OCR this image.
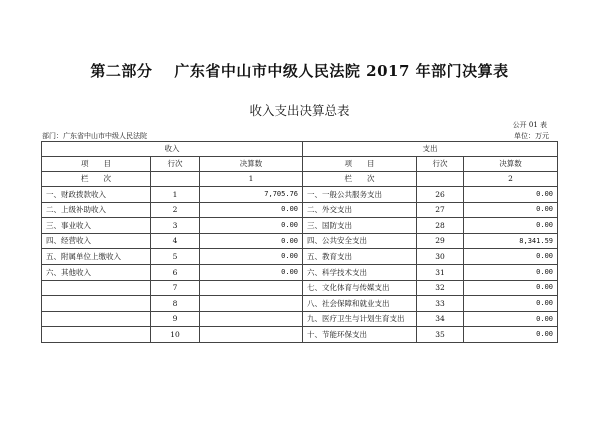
第二部分 广东省中山市中级人民法院 2017 年部门决算表
收入支出决算总表
公开 01 表
部门：广东省中山市中级人民法院	单位：万元
收入			支出		
项　　目	行次	决算数	项　　目	行次	决算数
栏　　次		1	栏　　次		2
一、财政拨款收入	1	7,705.76	一、一般公共服务支出	26	0.00
二、上级补助收入	2	0.00	二、外交支出	27	0.00
三、事业收入	3	0.00	三、国防支出	28	0.00
四、经营收入	4	0.00	四、公共安全支出	29	8,341.59
五、附属单位上缴收入	5	0.00	五、教育支出	30	0.00
六、其他收入	6	0.00	六、科学技术支出	31	0.00
	7		七、文化体育与传媒支出	32	0.00
	8		八、社会保障和就业支出	33	0.00
	9		九、医疗卫生与计划生育支出	34	0.00
	10		十、节能环保支出	35	0.00
